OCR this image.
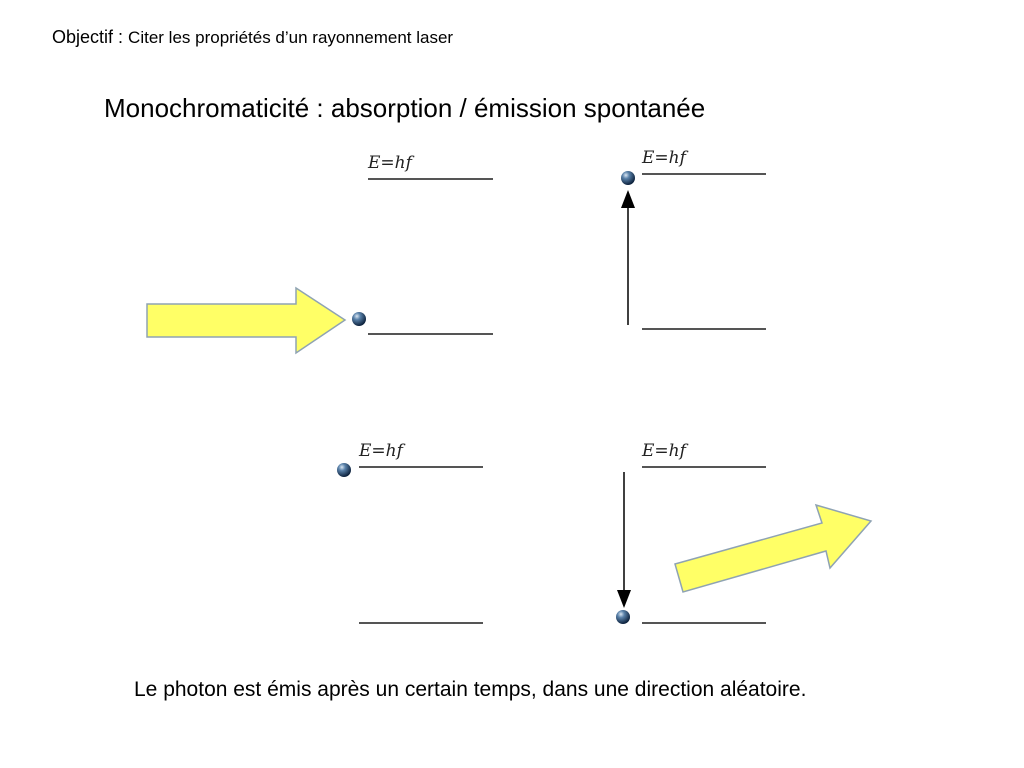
Objectif : Citer les propriétés d’un rayonnement laser
Monochromaticité : absorption / émission spontanée
E=hf	E=hf
E=hf	E=hf
Le photon est émis après un certain temps, dans une direction aléatoire.
